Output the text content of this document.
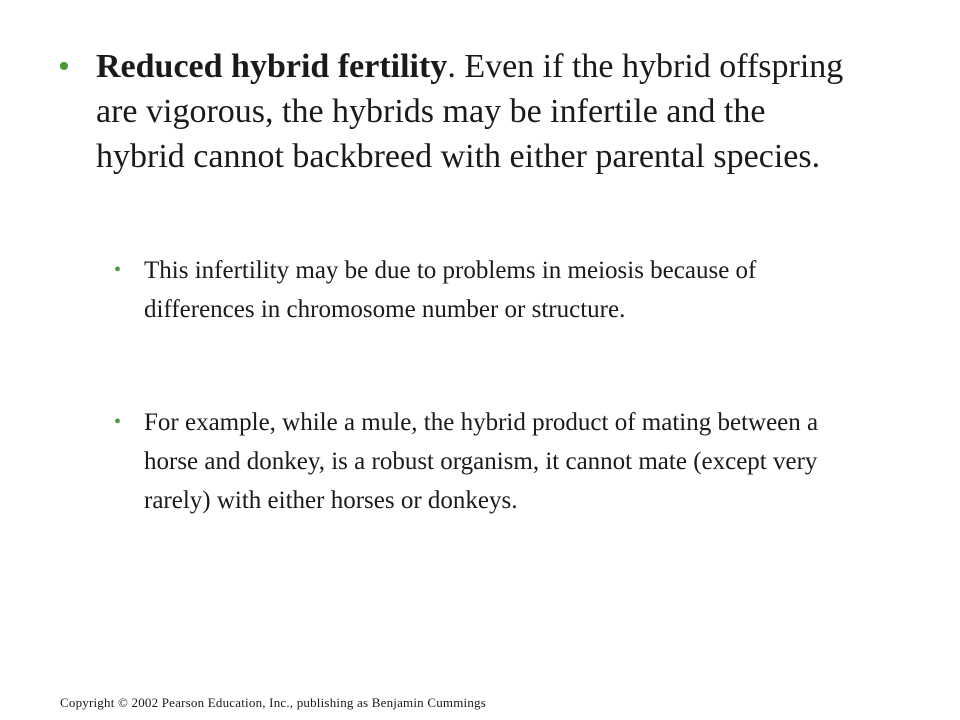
• Reduced hybrid fertility. Even if the hybrid offspring are vigorous, the hybrids may be infertile and the hybrid cannot backbreed with either parental species.
• This infertility may be due to problems in meiosis because of differences in chromosome number or structure.
• For example, while a mule, the hybrid product of mating between a horse and donkey, is a robust organism, it cannot mate (except very rarely) with either horses or donkeys.
Copyright © 2002 Pearson Education, Inc., publishing as Benjamin Cummings
